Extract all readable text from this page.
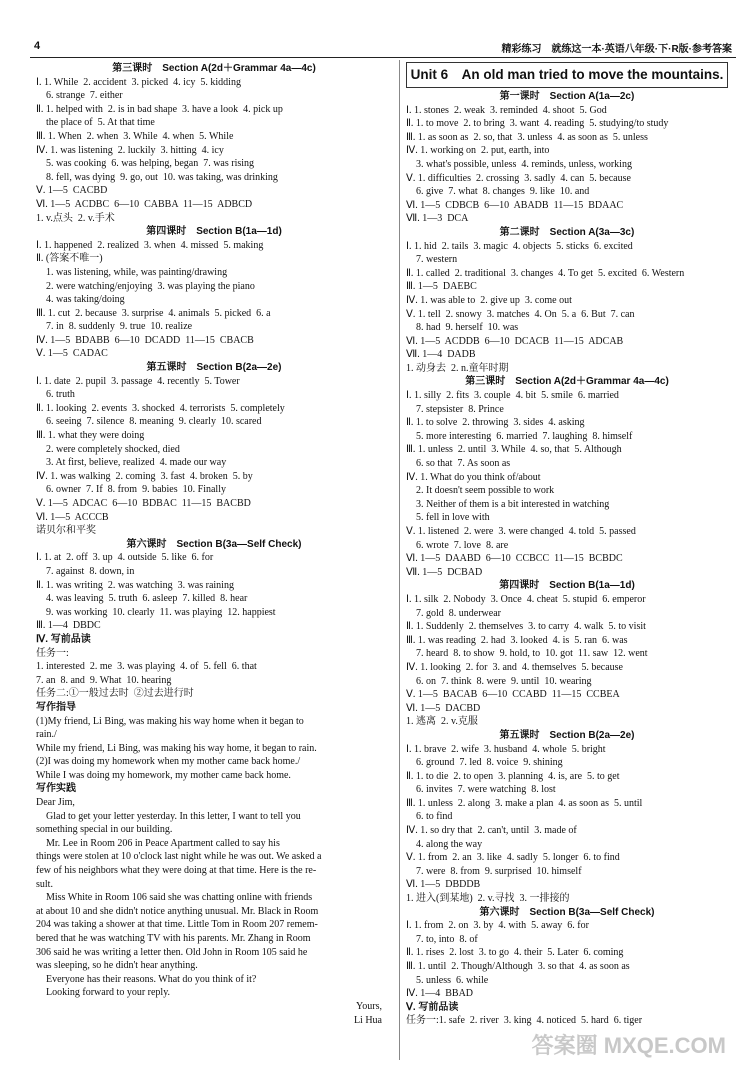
4	精彩练习　就练这一本·英语八年级·下·R版·参考答案
第三课时　Section A(2d＋Grammar 4a—4c)
Ⅰ. 1. While  2. accident  3. picked  4. icy  5. kidding
6. strange  7. either
Ⅱ. 1. helped with  2. is in bad shape  3. have a look  4. pick up
the place of  5. At that time
Ⅲ. 1. When  2. when  3. While  4. when  5. While
Ⅳ. 1. was listening  2. luckily  3. hitting  4. icy
5. was cooking  6. was helping, began  7. was rising
8. fell, was dying  9. go, out  10. was taking, was drinking
Ⅴ. 1—5  CACBD
Ⅵ. 1—5  ACDBC  6—10  CABBA  11—15  ADBCD
1. v.点头  2. v.手术
第四课时　Section B(1a—1d)
Ⅰ. 1. happened  2. realized  3. when  4. missed  5. making
Ⅱ. (答案不唯一)
1. was listening, while, was painting/drawing
2. were watching/enjoying  3. was playing the piano
4. was taking/doing
Ⅲ. 1. cut  2. because  3. surprise  4. animals  5. picked  6. a
7. in  8. suddenly  9. true  10. realize
Ⅳ. 1—5  BDABB  6—10  DCADD  11—15  CBACB
Ⅴ. 1—5  CADAC
第五课时　Section B(2a—2e)
Ⅰ. 1. date  2. pupil  3. passage  4. recently  5. Tower
6. truth
Ⅱ. 1. looking  2. events  3. shocked  4. terrorists  5. completely
6. seeing  7. silence  8. meaning  9. clearly  10. scared
Ⅲ. 1. what they were doing
2. were completely shocked, died
3. At first, believe, realized  4. made our way
Ⅳ. 1. was walking  2. coming  3. fast  4. broken  5. by
6. owner  7. If  8. from  9. babies  10. Finally
Ⅴ. 1—5  ADCAC  6—10  BDBAC  11—15  BACBD
Ⅵ. 1—5  ACCCB
诺贝尔和平奖
第六课时　Section B(3a—Self Check)
Ⅰ. 1. at  2. off  3. up  4. outside  5. like  6. for
7. against  8. down, in
Ⅱ. 1. was writing  2. was watching  3. was raining
4. was leaving  5. truth  6. asleep  7. killed  8. hear
9. was working  10. clearly  11. was playing  12. happiest
Ⅲ. 1—4  DBDC
Ⅳ. 写前品读
任务一:
1. interested  2. me  3. was playing  4. of  5. fell  6. that
7. an  8. and  9. What  10. hearing
任务二:①一般过去时  ②过去进行时
写作指导
(1)My friend, Li Bing, was making his way home when it began to
rain./
While my friend, Li Bing, was making his way home, it began to rain.
(2)I was doing my homework when my mother came back home./
While I was doing my homework, my mother came back home.
写作实践
Dear Jim,
Glad to get your letter yesterday. In this letter, I want to tell you
something special in our building.
Mr. Lee in Room 206 in Peace Apartment called to say his
things were stolen at 10 o'clock last night while he was out. We asked a
few of his neighbors what they were doing at that time. Here is the re-
sult.
Miss White in Room 106 said she was chatting online with friends
at about 10 and she didn't notice anything unusual. Mr. Black in Room
204 was taking a shower at that time. Little Tom in Room 207 remem-
bered that he was watching TV with his parents. Mr. Zhang in Room
306 said he was writing a letter then. Old John in Room 105 said he
was sleeping, so he didn't hear anything.
Everyone has their reasons. What do you think of it?
Looking forward to your reply.
Yours,
Li Hua
Unit 6　An old man tried to move the mountains.
第一课时　Section A(1a—2c)
Ⅰ. 1. stones  2. weak  3. reminded  4. shoot  5. God
Ⅱ. 1. to move  2. to bring  3. want  4. reading  5. studying/to study
Ⅲ. 1. as soon as  2. so, that  3. unless  4. as soon as  5. unless
Ⅳ. 1. working on  2. put, earth, into
3. what's possible, unless  4. reminds, unless, working
Ⅴ. 1. difficulties  2. crossing  3. sadly  4. can  5. because
6. give  7. what  8. changes  9. like  10. and
Ⅵ. 1—5  CDBCB  6—10  ABADB  11—15  BDAAC
Ⅶ. 1—3  DCA
第二课时　Section A(3a—3c)
Ⅰ. 1. hid  2. tails  3. magic  4. objects  5. sticks  6. excited
7. western
Ⅱ. 1. called  2. traditional  3. changes  4. To get  5. excited  6. Western
Ⅲ. 1—5  DAEBC
Ⅳ. 1. was able to  2. give up  3. come out
Ⅴ. 1. tell  2. snowy  3. matches  4. On  5. a  6. But  7. can
8. had  9. herself  10. was
Ⅵ. 1—5  ACDDB  6—10  DCACB  11—15  ADCAB
Ⅶ. 1—4  DADB
1. 动身去  2. n.童年时期
第三课时　Section A(2d＋Grammar 4a—4c)
Ⅰ. 1. silly  2. fits  3. couple  4. bit  5. smile  6. married
7. stepsister  8. Prince
Ⅱ. 1. to solve  2. throwing  3. sides  4. asking
5. more interesting  6. married  7. laughing  8. himself
Ⅲ. 1. unless  2. until  3. While  4. so, that  5. Although
6. so that  7. As soon as
Ⅳ. 1. What do you think of/about
2. It doesn't seem possible to work
3. Neither of them is a bit interested in watching
5. fell in love with
Ⅴ. 1. listened  2. were  3. were changed  4. told  5. passed
6. wrote  7. love  8. are
Ⅵ. 1—5  DAABD  6—10  CCBCC  11—15  BCBDC
Ⅶ. 1—5  DCBAD
第四课时　Section B(1a—1d)
Ⅰ. 1. silk  2. Nobody  3. Once  4. cheat  5. stupid  6. emperor
7. gold  8. underwear
Ⅱ. 1. Suddenly  2. themselves  3. to carry  4. walk  5. to visit
Ⅲ. 1. was reading  2. had  3. looked  4. is  5. ran  6. was
7. heard  8. to show  9. hold, to  10. got  11. saw  12. went
Ⅳ. 1. looking  2. for  3. and  4. themselves  5. because
6. on  7. think  8. were  9. until  10. wearing
Ⅴ. 1—5  BACAB  6—10  CCABD  11—15  CCBEA
Ⅵ. 1—5  DACBD
1. 逃离  2. v.克服
第五课时　Section B(2a—2e)
Ⅰ. 1. brave  2. wife  3. husband  4. whole  5. bright
6. ground  7. led  8. voice  9. shining
Ⅱ. 1. to die  2. to open  3. planning  4. is, are  5. to get
6. invites  7. were watching  8. lost
Ⅲ. 1. unless  2. along  3. make a plan  4. as soon as  5. until
6. to find
Ⅳ. 1. so dry that  2. can't, until  3. made of
4. along the way
Ⅴ. 1. from  2. an  3. like  4. sadly  5. longer  6. to find
7. were  8. from  9. surprised  10. himself
Ⅵ. 1—5  DBDDB
1. 进入(到某地)  2. v.寻找  3. 一排接的
第六课时　Section B(3a—Self Check)
Ⅰ. 1. from  2. on  3. by  4. with  5. away  6. for
7. to, into  8. of
Ⅱ. 1. rises  2. lost  3. to go  4. their  5. Later  6. coming
Ⅲ. 1. until  2. Though/Although  3. so that  4. as soon as
5. unless  6. while
Ⅳ. 1—4  BBAD
Ⅴ. 写前品读
任务一:1. safe  2. river  3. king  4. noticed  5. hard  6. tiger
答案圈 MXQE.COM
